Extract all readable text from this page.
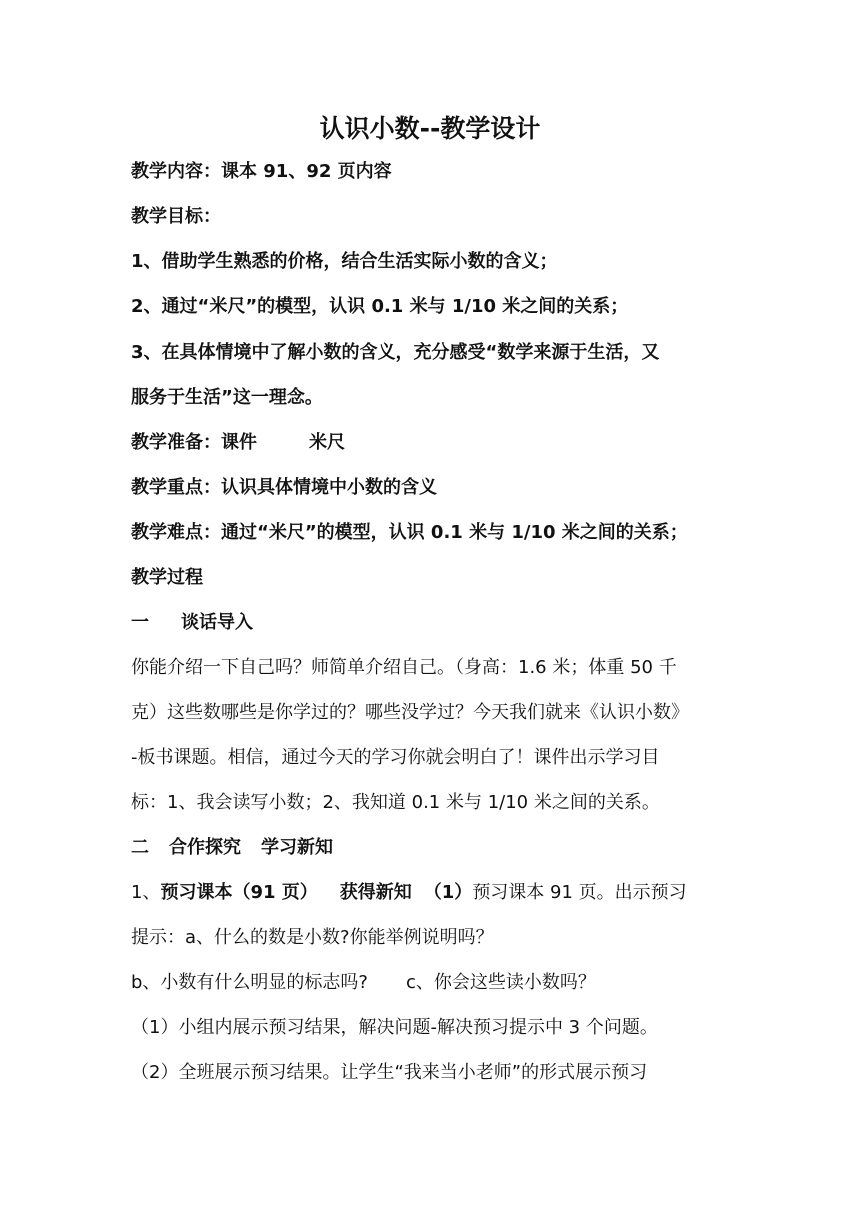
认识小数--教学设计
教学内容：课本 91、92 页内容
教学目标：
1、借助学生熟悉的价格，结合生活实际小数的含义；
2、通过“米尺”的模型，认识 0.1 米与 1/10 米之间的关系；
3、在具体情境中了解小数的含义，充分感受“数学来源于生活，又
服务于生活”这一理念。
教学准备：课件	米尺
教学重点：认识具体情境中小数的含义
教学难点：通过“米尺”的模型，认识 0.1 米与 1/10 米之间的关系；
教学过程
一 谈话导入
你能介绍一下自己吗？师简单介绍自己。（身高：1.6 米；体重 50 千
克）这些数哪些是你学过的？哪些没学过？今天我们就来《认识小数》
-板书课题。相信，通过今天的学习你就会明白了！课件出示学习目
标：1、我会读写小数；2、我知道 0.1 米与 1/10 米之间的关系。
二 合作探究 学习新知
1、预习课本（91 页） 获得新知 （1）预习课本 91 页。出示预习
提示：a、什么的数是小数?你能举例说明吗？
b、小数有什么明显的标志吗? c、你会这些读小数吗？
（1）小组内展示预习结果，解决问题-解决预习提示中 3 个问题。
（2）全班展示预习结果。让学生“我来当小老师”的形式展示预习
